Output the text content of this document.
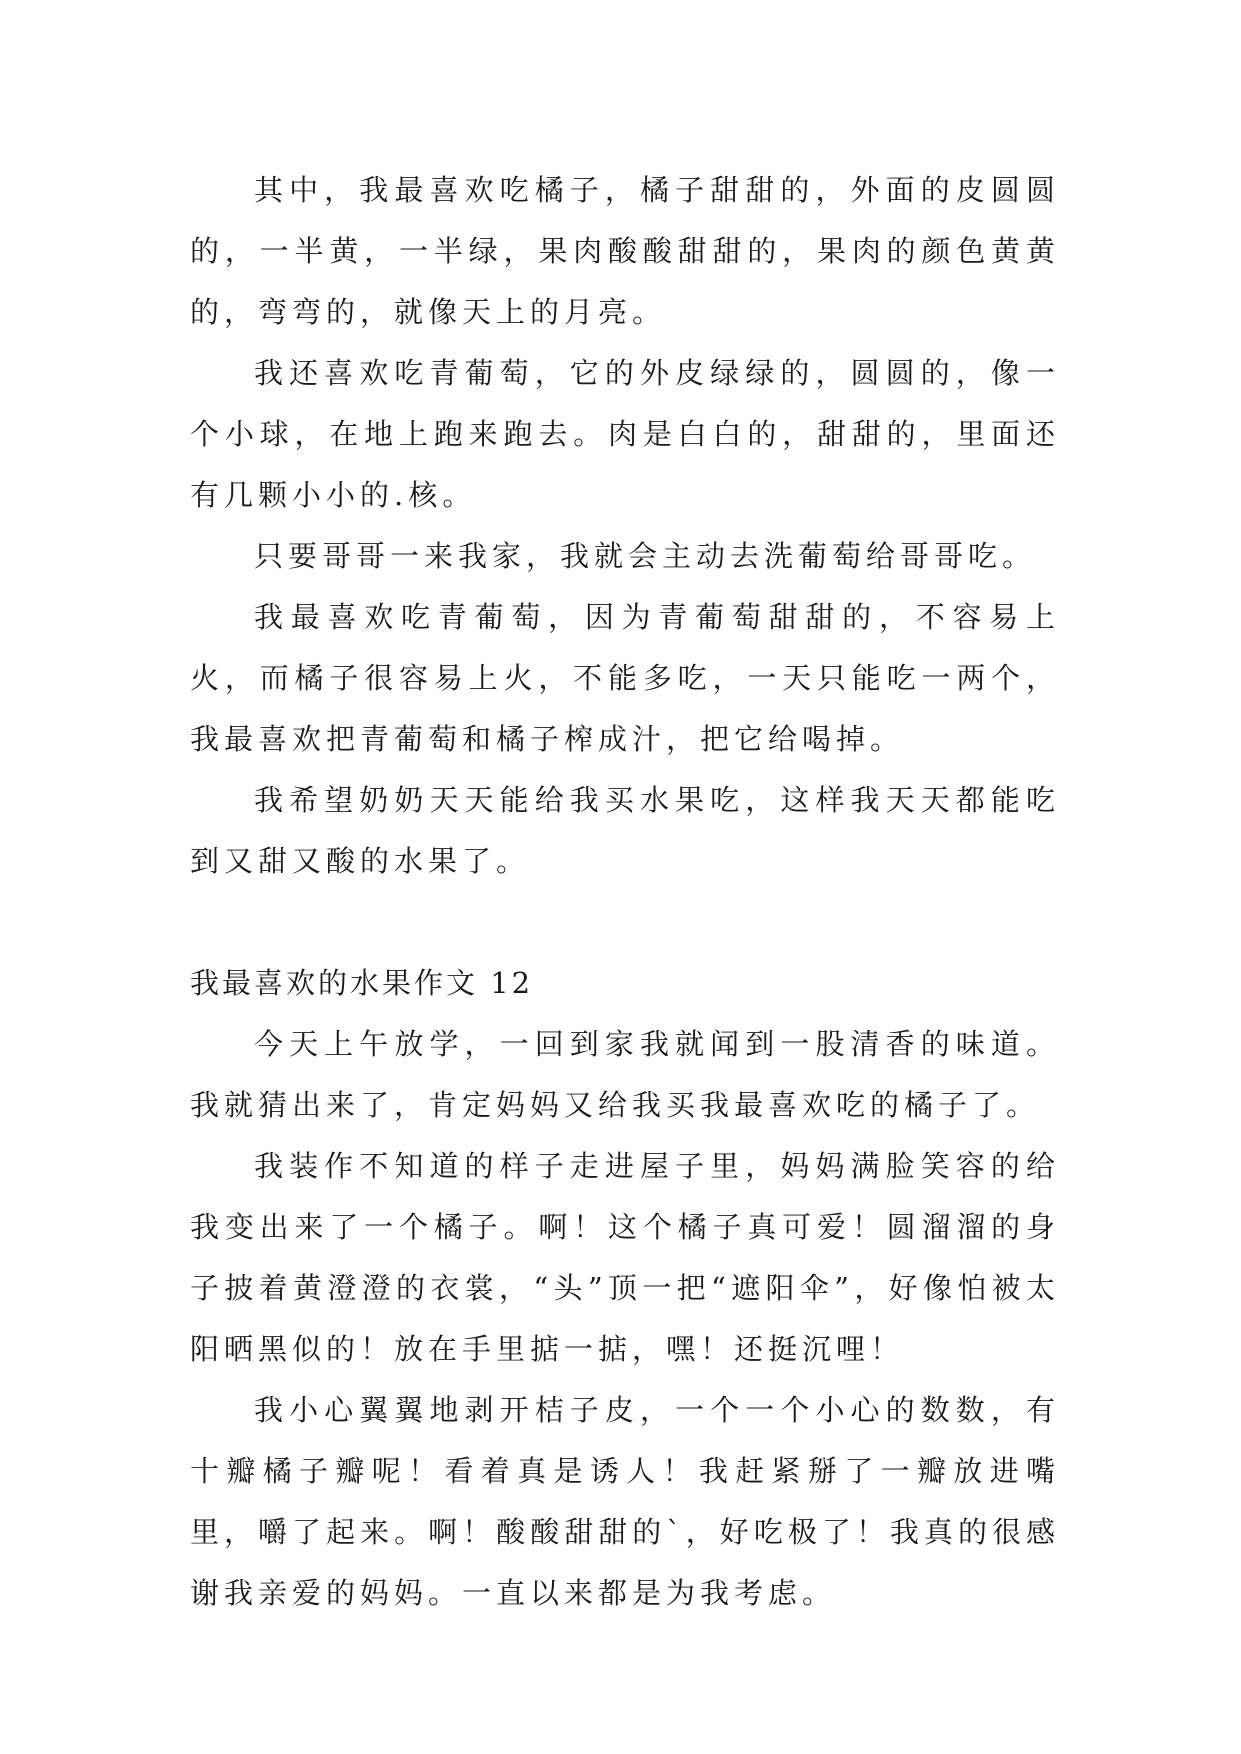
其中，我最喜欢吃橘子，橘子甜甜的，外面的皮圆圆的，一半黄，一半绿，果肉酸酸甜甜的，果肉的颜色黄黄的，弯弯的，就像天上的月亮。

我还喜欢吃青葡萄，它的外皮绿绿的，圆圆的，像一个小球，在地上跑来跑去。肉是白白的，甜甜的，里面还有几颗小小的.核。

只要哥哥一来我家，我就会主动去洗葡萄给哥哥吃。

我最喜欢吃青葡萄，因为青葡萄甜甜的，不容易上火，而橘子很容易上火，不能多吃，一天只能吃一两个，我最喜欢把青葡萄和橘子榨成汁，把它给喝掉。

我希望奶奶天天能给我买水果吃，这样我天天都能吃到又甜又酸的水果了。

我最喜欢的水果作文 12

今天上午放学，一回到家我就闻到一股清香的味道。我就猜出来了，肯定妈妈又给我买我最喜欢吃的橘子了。

我装作不知道的样子走进屋子里，妈妈满脸笑容的给我变出来了一个橘子。啊！这个橘子真可爱！圆溜溜的身子披着黄澄澄的衣裳，“头”顶一把“遮阳伞”，好像怕被太阳晒黑似的！放在手里掂一掂，嘿！还挺沉哩！

我小心翼翼地剥开桔子皮，一个一个小心的数数，有十瓣橘子瓣呢！看着真是诱人！我赶紧掰了一瓣放进嘴里，嚼了起来。啊！酸酸甜甜的`，好吃极了！我真的很感谢我亲爱的妈妈。一直以来都是为我考虑。
